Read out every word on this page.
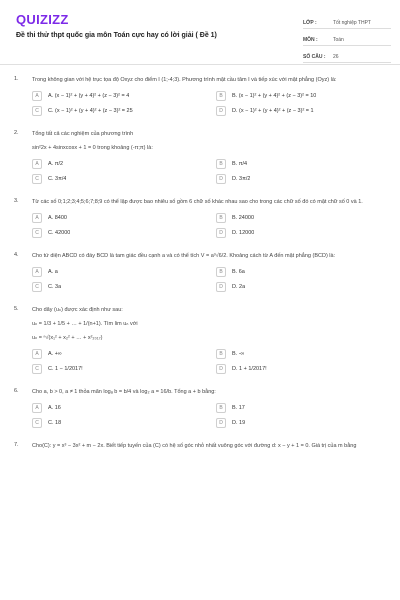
QUIZIZZ
Đề thi thử thpt quốc gia môn Toán cực hay có lời giải ( Đề 1)
LỚP :	Tốt nghiệp THPT
MÔN :	Toán
SỐ CÂU :	26
1. Trong không gian với hệ trục tọa độ Oxyz cho điểm I (1;-4;3). Phương trình mặt cầu tâm I và tiếp xúc với mặt phẳng (Oyz) là:
A	A. (x − 1)² + (y + 4)² + (z − 3)² = 4	B	B. (x − 1)² + (y + 4)² + (z − 3)² = 10
C	C. (x − 1)² + (y + 4)² + (z − 3)² = 25	D	D. (x − 1)² + (y + 4)² + (z − 3)² = 1
2. Tổng tất cả các nghiệm của phương trình
sin²2x + 4sinxcosx + 1 = 0 trong khoảng (-π;π) là:
A	A. π/2	B	B. π/4
C	C. 3π/4	D	D. 3π/2
3. Từ các số 0;1;2;3;4;5;6;7;8;9 có thể lập được bao nhiêu số gồm 6 chữ số khác nhau sao cho trong các chữ số đó có mặt chữ số 0 và 1.
A	A. 8400	B	B. 24000
C	C. 42000	D	D. 12000
4. Cho tứ diện ABCD có đáy BCD là tam giác đều cạnh a và có thể tích V = a³√6/2. Khoảng cách từ A đến mặt phẳng (BCD) là:
A	A. a	B	B. 6a
C	C. 3a	D	D. 2a
5. Cho dãy (uₙ) được xác định như sau:
uₙ = 1/3 + 1/5 + … + 1/(n+1). Tìm lim uₙ với
uₙ = ⁿ√(x₁² + x₂² + … + x²₂₀₁₇)
A	A. +∞	B	B. -∞
C	C. 1 − 1/2017!	D	D. 1 + 1/2017!
6. Cho a, b > 0, a ≠ 1 thỏa mãn logₐ b = b/4 và log₂ a = 16/b. Tổng a + b bằng:
A	A. 16	B	B. 17
C	C. 18	D	D. 19
7. Cho(C): y = x³ − 3x² + m − 2x. Biết tiếp tuyến của (C) có hệ số góc nhỏ nhất vuông góc với đường d: x − y + 1 = 0. Giá trị của m bằng
